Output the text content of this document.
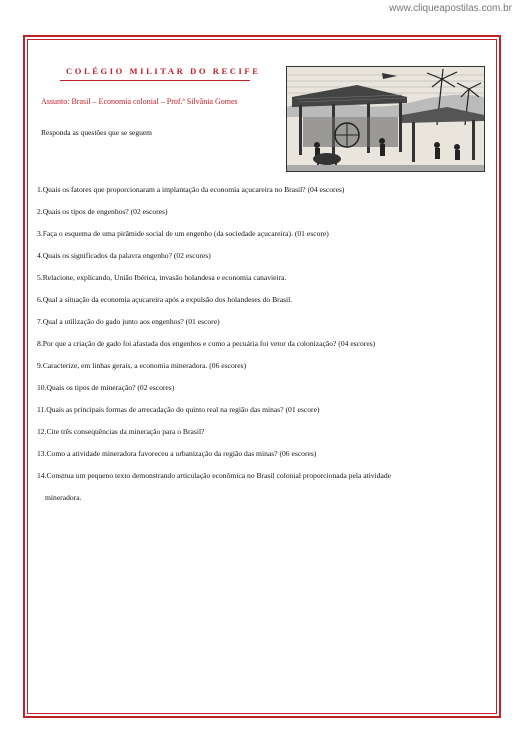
www.cliqueapostilas.com.br
COLÉGIO MILITAR DO RECIFE
Assunto: Brasil – Economia colonial – Prof.ª Silvânia Gomes
Responda as questões que se seguem
1.Quais os fatores que proporcionaram a implantação da economia açucareira no Brasil? (04 escores)
2.Quais os tipos de engenhos? (02 escores)
3.Faça o esquema de uma pirâmide social de um engenho (da sociedade açucareira). (01 escore)
4.Quais os significados da palavra engenho? (02 escores)
5.Relacione, explicando, União Ibérica, invasão holandesa e economia canavieira.
6.Qual a situação da economia açucareira após a expulsão dos holandeses do Brasil.
7.Qual a utilização do gado junto aos engenhos? (01 escore)
8.Por que a criação de gado foi afastada dos engenhos e como a pecuária foi vetor da colonização? (04 escores)
9.Caracterize, em linhas gerais, a economia mineradora. (06 escores)
10.Quais os tipos de mineração? (02 escores)
11.Quais as principais formas de arrecadação do quinto real na região das minas? (01 escore)
12.Cite três consequências da mineração para o Brasil?
13.Como a atividade mineradora favoreceu a urbanização da região das minas? (06 escores)
14.Construa um pequeno texto demonstrando articulação econômica no Brasil colonial proporcionada pela atividade
mineradora.
